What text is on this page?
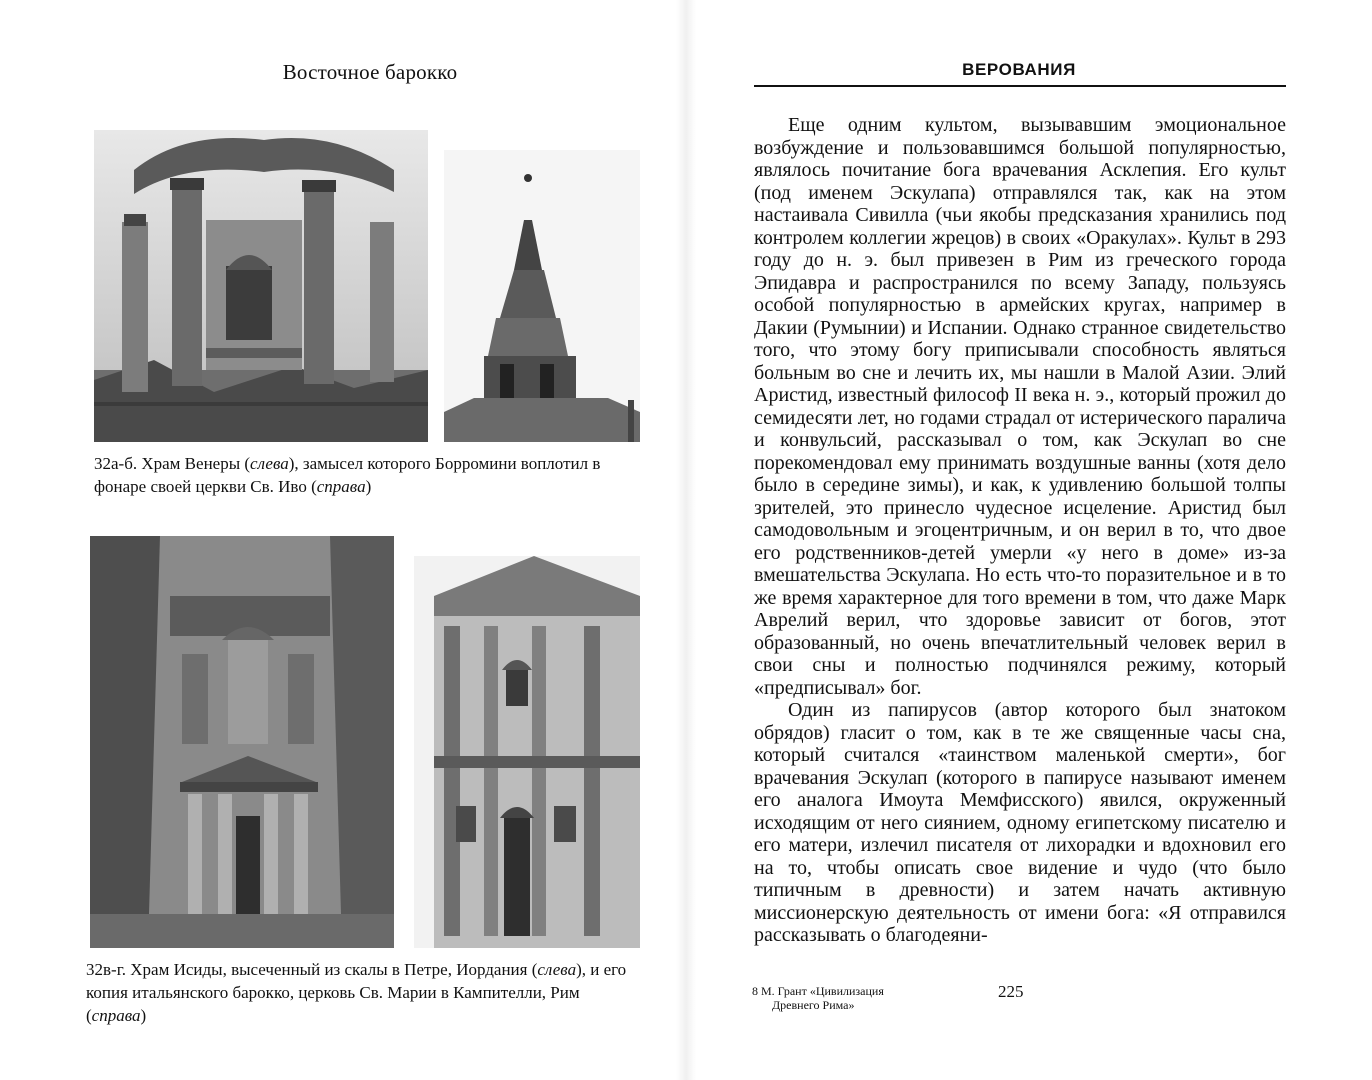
Восточное барокко
32а-б. Храм Венеры (слева), замысел которого Борромини воплотил в фонаре своей церкви Св. Иво (справа)
32в-г. Храм Исиды, высеченный из скалы в Петре, Иордания (слева), и его копия итальянского барокко, церковь Св. Марии в Кампителли, Рим (справа)
ВЕРОВАНИЯ

Еще одним культом, вызывавшим эмоциональное возбуждение и пользовавшимся большой популярностью, являлось почитание бога врачевания Асклепия. Его культ (под именем Эскулапа) отправлялся так, как на этом настаивала Сивилла (чьи якобы предсказания хранились под контролем коллегии жрецов) в своих «Оракулах». Культ в 293 году до н. э. был привезен в Рим из греческого города Эпидавра и распространился по всему Западу, пользуясь особой популярностью в армейских кругах, например в Дакии (Румынии) и Испании. Однако странное свидетельство того, что этому богу приписывали способность являться больным во сне и лечить их, мы нашли в Малой Азии. Элий Аристид, известный философ II века н. э., который прожил до семидесяти лет, но годами страдал от истерического паралича и конвульсий, рассказывал о том, как Эскулап во сне порекомендовал ему принимать воздушные ванны (хотя дело было в середине зимы), и как, к удивлению большой толпы зрителей, это принесло чудесное исцеление. Аристид был самодовольным и эгоцентричным, и он верил в то, что двое его родственников-детей умерли «у него в доме» из-за вмешательства Эскулапа. Но есть что-то поразительное и в то же время характерное для того времени в том, что даже Марк Аврелий верил, что здоровье зависит от богов, этот образованный, но очень впечатлительный человек верил в свои сны и полностью подчинялся режиму, который «предписывал» бог.

Один из папирусов (автор которого был знатоком обрядов) гласит о том, как в те же священные часы сна, который считался «таинством маленькой смерти», бог врачевания Эскулап (которого в папирусе называют именем его аналога Имоута Мемфисского) явился, окруженный исходящим от него сиянием, одному египетскому писателю и его матери, излечил писателя от лихорадки и вдохновил его на то, чтобы описать свое видение и чудо (что было типичным в древности) и затем начать активную миссионерскую деятельность от имени бога: «Я отправился рассказывать о благодеяни-

8 М. Грант «Цивилизация
Древнего Рима»
225
